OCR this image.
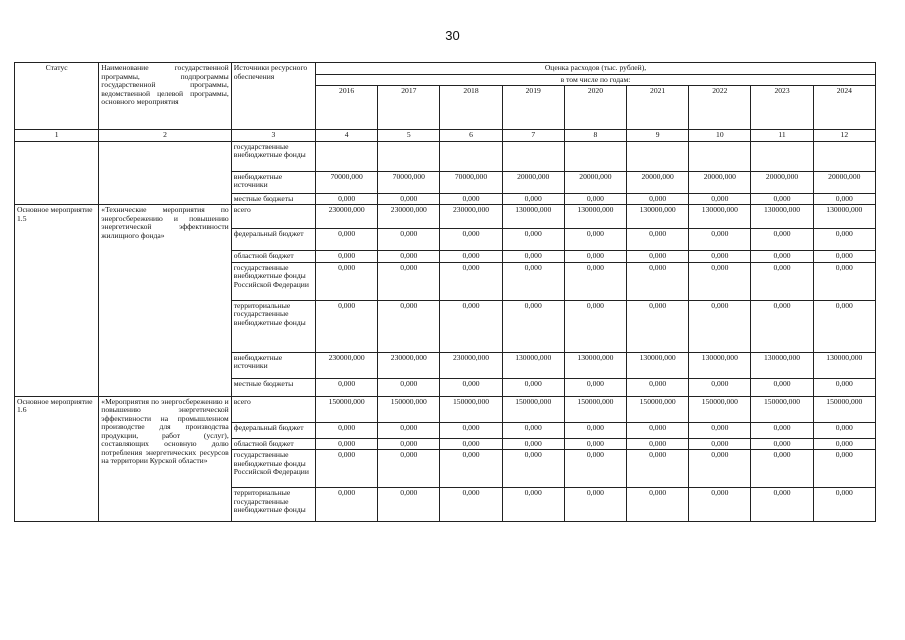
30
Статус	Наименование государственной программы, подпрограммы государственной программы, ведомственной целевой программы, основного мероприятия	Источники ресурсного обеспечения	Оценка расходов (тыс. рублей),								
			в том числе по годам:								
			2016	2017	2018	2019	2020	2021	2022	2023	2024
1	2	3	4	5	6	7	8	9	10	11	12
		государственные внебюджетные фонды									
		внебюджетные источники	70000,000	70000,000	70000,000	20000,000	20000,000	20000,000	20000,000	20000,000	20000,000
		местные бюджеты	0,000	0,000	0,000	0,000	0,000	0,000	0,000	0,000	0,000
Основное мероприятие 1.5	«Технические мероприятия по энергосбережению и повышению энергетической эффективности жилищного фонда»	всего	230000,000	230000,000	230000,000	130000,000	130000,000	130000,000	130000,000	130000,000	130000,000
		федеральный бюджет	0,000	0,000	0,000	0,000	0,000	0,000	0,000	0,000	0,000
		областной бюджет	0,000	0,000	0,000	0,000	0,000	0,000	0,000	0,000	0,000
		государственные внебюджетные фонды Российской Федерации	0,000	0,000	0,000	0,000	0,000	0,000	0,000	0,000	0,000
		территориальные государственные внебюджетные фонды	0,000	0,000	0,000	0,000	0,000	0,000	0,000	0,000	0,000
		внебюджетные источники	230000,000	230000,000	230000,000	130000,000	130000,000	130000,000	130000,000	130000,000	130000,000
		местные бюджеты	0,000	0,000	0,000	0,000	0,000	0,000	0,000	0,000	0,000
Основное мероприятие 1.6	«Мероприятия по энергосбережению и повышению энергетической эффективности на промышленном производстве для производства продукции, работ (услуг), составляющих основную долю потребления энергетических ресурсов на территории Курской области»	всего	150000,000	150000,000	150000,000	150000,000	150000,000	150000,000	150000,000	150000,000	150000,000
		федеральный бюджет	0,000	0,000	0,000	0,000	0,000	0,000	0,000	0,000	0,000
		областной бюджет	0,000	0,000	0,000	0,000	0,000	0,000	0,000	0,000	0,000
		государственные внебюджетные фонды Российской Федерации	0,000	0,000	0,000	0,000	0,000	0,000	0,000	0,000	0,000
		территориальные государственные внебюджетные фонды	0,000	0,000	0,000	0,000	0,000	0,000	0,000	0,000	0,000
